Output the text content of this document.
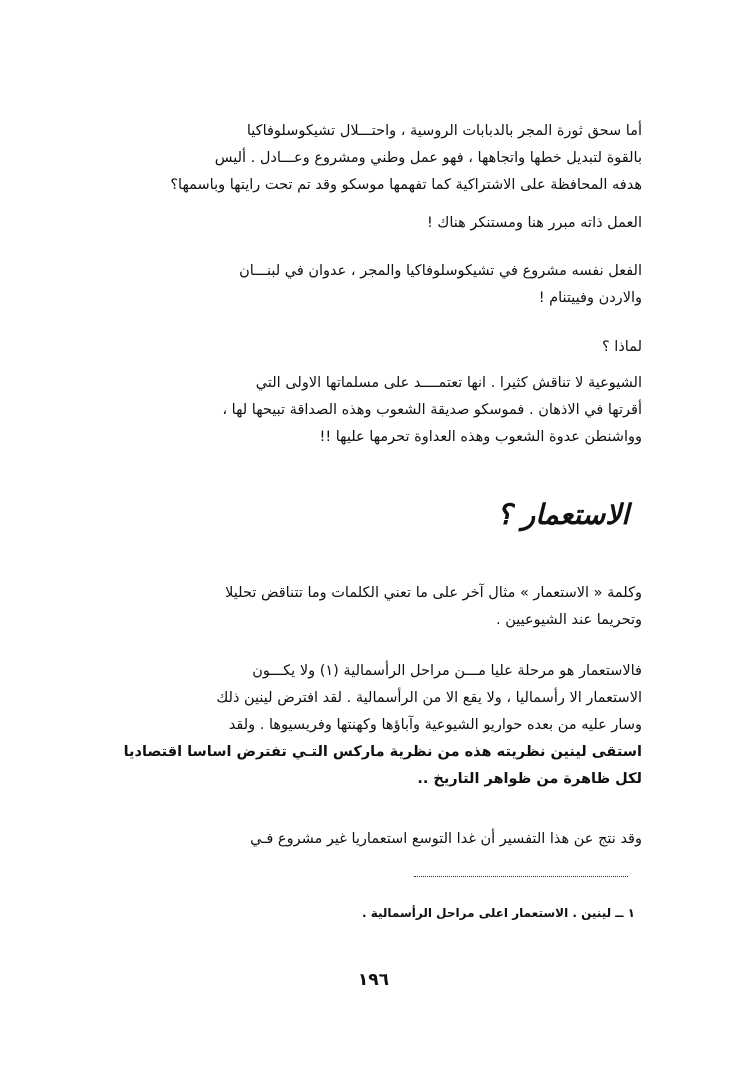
أما سحق ثورة المجر بالدبابات الروسية ، واحتـــلال تشيكوسلوفاكيا
بالقوة لتبديل خطها واتجاهها ، فهو عمل وطني ومشروع وعـــادل . أليس
هدفه المحافظة على الاشتراكية كما تفهمها موسكو وقد تم تحت رايتها وباسمها؟
العمل ذاته مبرر هنا ومستنكر هناك !
الفعل نفسه مشروع في تشيكوسلوفاكيا والمجر ، عدوان في لبنـــان
والاردن وفييتنام !
لماذا ؟
الشيوعية لا تناقش كثيرا . انها تعتمــــد على مسلماتها الاولى التي
أقرتها في الاذهان . فموسكو صديقة الشعوب وهذه الصداقة تبيحها لها ،
وواشنطن عدوة الشعوب وهذه العداوة تحرمها عليها !!
الاستعمار ؟
وكلمة « الاستعمار » مثال آخر على ما تعني الكلمات وما تتناقض تحليلا
وتحريما عند الشيوعيين .
فالاستعمار هو مرحلة عليا مـــن مراحل الرأسمالية (١) ولا يكـــون
الاستعمار الا رأسماليا ، ولا يقع الا من الرأسمالية . لقد افترض لينين ذلك
وسار عليه من بعده حواريو الشيوعية وآباؤها وكهنتها وفريسيوها . ولقد
استقى لينين نظريته هذه من نظرية ماركس التـي تفترض اساسا اقتصاديا
لكل ظاهرة من ظواهر التاريخ ..
وقد نتج عن هذا التفسير أن غدا التوسع استعماريا غير مشروع فـي
١ ــ لينين . الاستعمار اعلى مراحل الرأسمالية .
١٩٦
